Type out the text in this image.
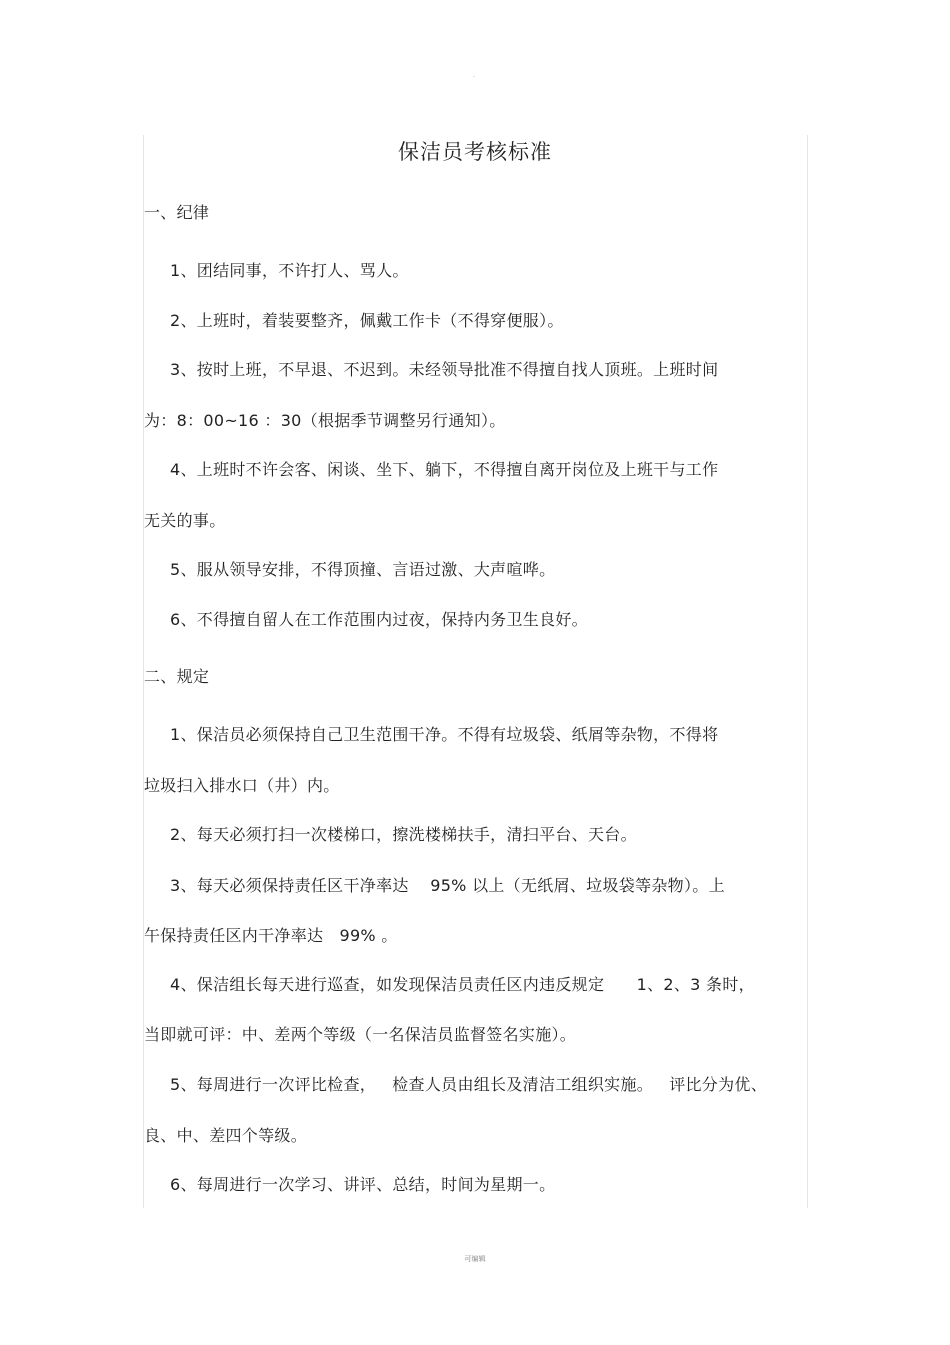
.
保洁员考核标准
一、纪律
1、团结同事，不许打人、骂人。
2、上班时，着装要整齐，佩戴工作卡（不得穿便服）。
3、按时上班，不早退、不迟到。未经领导批准不得擅自找人顶班。上班时间
为：8：00~16 ：30（根据季节调整另行通知）。
4、上班时不许会客、闲谈、坐下、躺下，不得擅自离开岗位及上班干与工作
无关的事。
5、服从领导安排，不得顶撞、言语过激、大声喧哗。
6、不得擅自留人在工作范围内过夜，保持内务卫生良好。
二、规定
1、保洁员必须保持自己卫生范围干净。不得有垃圾袋、纸屑等杂物，不得将
垃圾扫入排水口（井）内。
2、每天必须打扫一次楼梯口，擦洗楼梯扶手，清扫平台、天台。
3、每天必须保持责任区干净率达    95% 以上（无纸屑、垃圾袋等杂物）。上
午保持责任区内干净率达   99% 。
4、保洁组长每天进行巡查，如发现保洁员责任区内违反规定      1、2、3 条时，
当即就可评：中、差两个等级（一名保洁员监督签名实施）。
5、每周进行一次评比检查，   检查人员由组长及清洁工组织实施。   评比分为优、
良、中、差四个等级。
6、每周进行一次学习、讲评、总结，时间为星期一。
可编辑
